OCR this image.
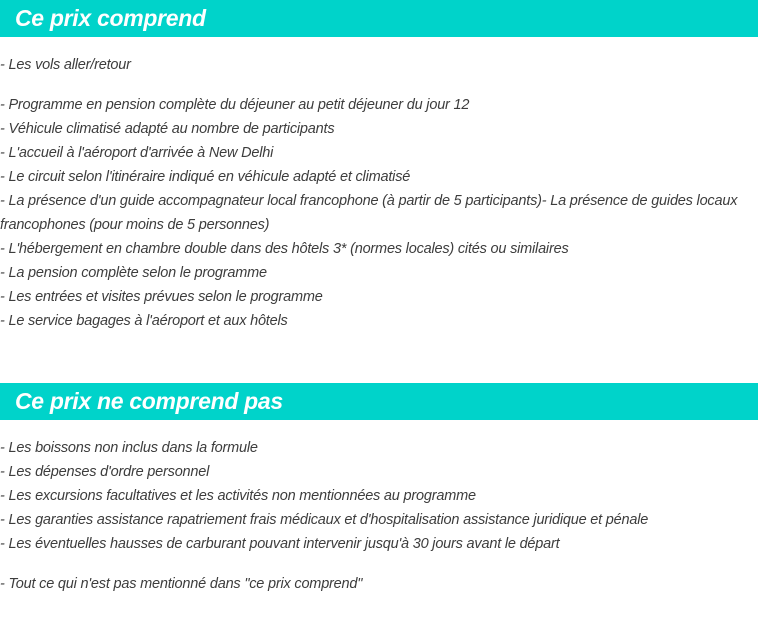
Ce prix comprend
- Les vols aller/retour
- Programme en pension complète du déjeuner au petit déjeuner du jour 12
- Véhicule climatisé adapté au nombre de participants
- L'accueil à l'aéroport d'arrivée à New Delhi
- Le circuit selon l'itinéraire indiqué en véhicule adapté et climatisé
- La présence d'un guide accompagnateur local francophone (à partir de 5 participants)- La présence de guides locaux francophones (pour moins de 5 personnes)
- L'hébergement en chambre double dans des hôtels 3* (normes locales) cités ou similaires
- La pension complète selon le programme
- Les entrées et visites prévues selon le programme
- Le service bagages à l'aéroport et aux hôtels
Ce prix ne comprend pas
- Les boissons non inclus dans la formule
- Les dépenses d'ordre personnel
- Les excursions facultatives et les activités non mentionnées au programme
- Les garanties assistance rapatriement frais médicaux et d'hospitalisation assistance juridique et pénale
- Les éventuelles hausses de carburant pouvant intervenir jusqu'à 30 jours avant le départ
- Tout ce qui n'est pas mentionné dans "ce prix comprend"
